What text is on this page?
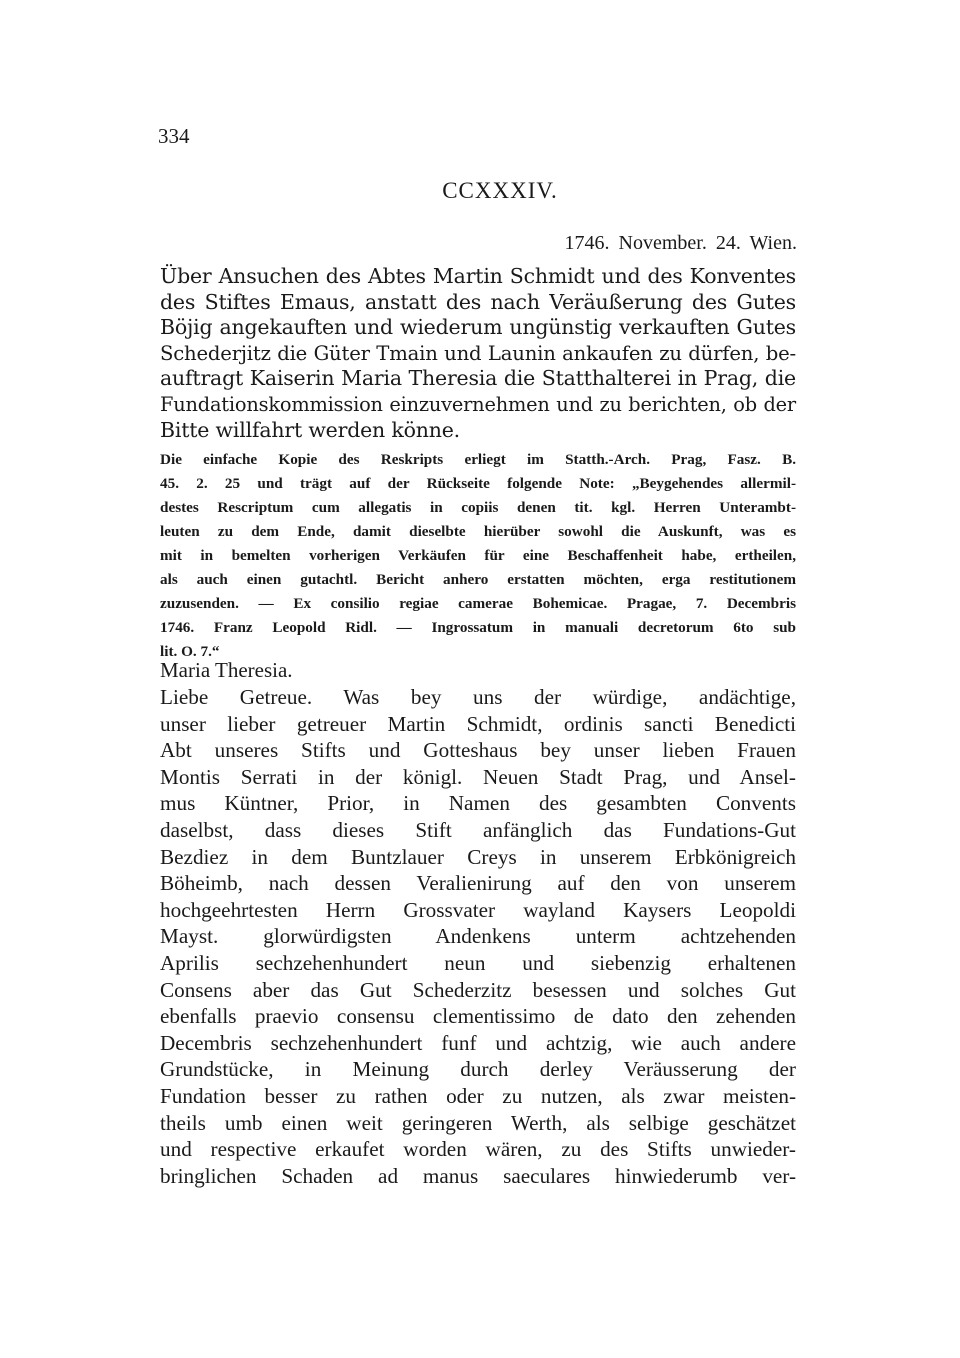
334
CCXXXIV.
1746. November. 24. Wien.
Über Ansuchen des Abtes Martin Schmidt und des Konventes
des Stiftes Emaus, anstatt des nach Veräußerung des Gutes
Böjig angekauften und wiederum ungünstig verkauften Gutes
Schederjitz die Güter Tmain und Launin ankaufen zu dürfen, be-
auftragt Kaiserin Maria Theresia die Statthalterei in Prag, die
Fundationskommission einzuvernehmen und zu berichten, ob der
Bitte willfahrt werden könne.
Die einfache Kopie des Reskripts erliegt im Statth.-Arch. Prag, Fasz. B.
45. 2. 25 und trägt auf der Rückseite folgende Note: „Beygehendes allermil-
destes Rescriptum cum allegatis in copiis denen tit. kgl. Herren Unterambt-
leuten zu dem Ende, damit dieselbte hierüber sowohl die Auskunft, was es
mit in bemelten vorherigen Verkäufen für eine Beschaffenheit habe, ertheilen,
als auch einen gutachtl. Bericht anhero erstatten möchten, erga restitutionem
zuzusenden. — Ex consilio regiae camerae Bohemicae. Pragae, 7. Decembris
1746. Franz Leopold Ridl. — Ingrossatum in manuali decretorum 6to sub
lit. O. 7.“
Maria Theresia.
Liebe Getreue. Was bey uns der würdige, andächtige,
unser lieber getreuer Martin Schmidt, ordinis sancti Benedicti
Abt unseres Stifts und Gotteshaus bey unser lieben Frauen
Montis Serrati in der königl. Neuen Stadt Prag, und Ansel-
mus Küntner, Prior, in Namen des gesambten Convents
daselbst, dass dieses Stift anfänglich das Fundations-Gut
Bezdiez in dem Buntzlauer Creys in unserem Erbkönigreich
Böheimb, nach dessen Veralienirung auf den von unserem
hochgeehrtesten Herrn Grossvater wayland Kaysers Leopoldi
Mayst. glorwürdigsten Andenkens unterm achtzehenden
Aprilis sechzehenhundert neun und siebenzig erhaltenen
Consens aber das Gut Schederzitz besessen und solches Gut
ebenfalls praevio consensu clementissimo de dato den zehenden
Decembris sechzehenhundert funf und achtzig, wie auch andere
Grundstücke, in Meinung durch derley Veräusserung der
Fundation besser zu rathen oder zu nutzen, als zwar meisten-
theils umb einen weit geringeren Werth, als selbige geschätzet
und respective erkaufet worden wären, zu des Stifts unwieder-
bringlichen Schaden ad manus saeculares hinwiederumb ver-
